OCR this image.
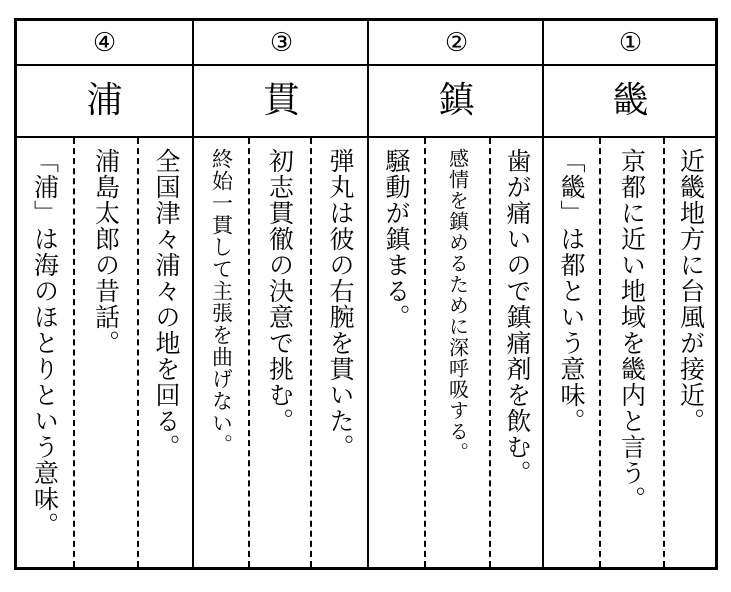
④
浦
「浦」は海のほとりという意味。 浦島太郎の昔話。 全国津々浦々の地を回る。
③
貫
終始一貫して主張を曲げない。 初志貫徹の決意で挑む。 弾丸は彼の右腕を貫いた。
②
鎮
騒動が鎮まる。 感情を鎮めるために深呼吸する。 歯が痛いので鎮痛剤を飲む。
①
畿
「畿」は都という意味。 京都に近い地域を畿内と言う。 近畿地方に台風が接近。
